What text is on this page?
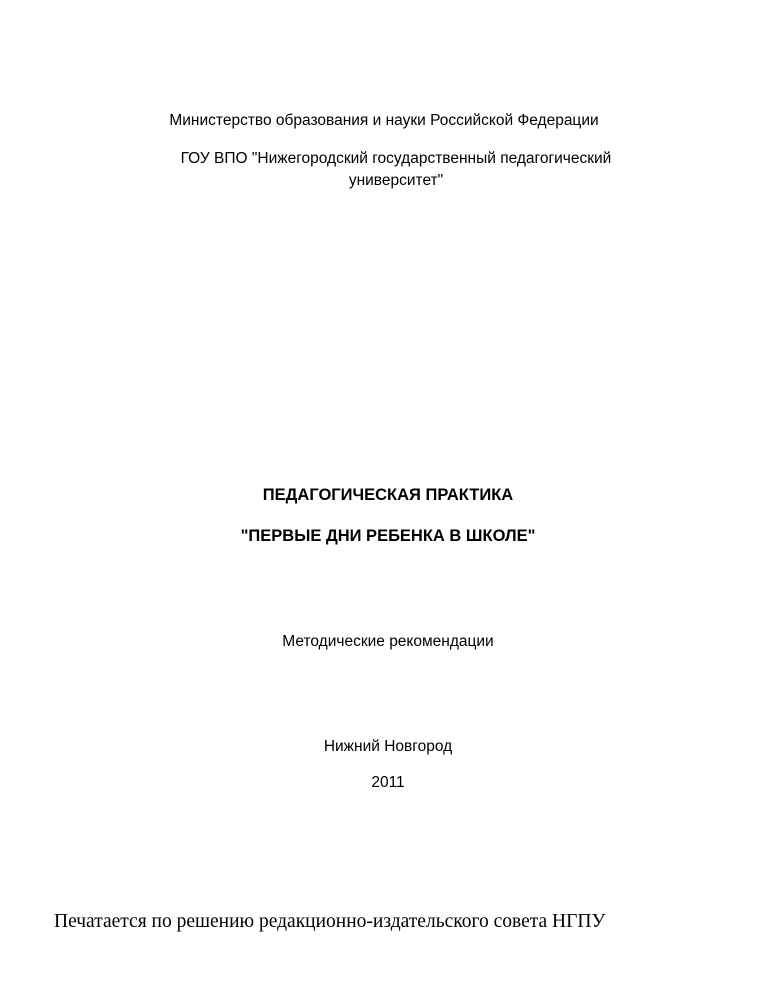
Министерство образования и науки Российской Федерации
ГОУ ВПО "Нижегородский государственный педагогический
университет"
ПЕДАГОГИЧЕСКАЯ ПРАКТИКА
"ПЕРВЫЕ ДНИ РЕБЕНКА В ШКОЛЕ"
Методические рекомендации
Нижний Новгород
2011
Печатается по решению редакционно-издательского совета НГПУ
